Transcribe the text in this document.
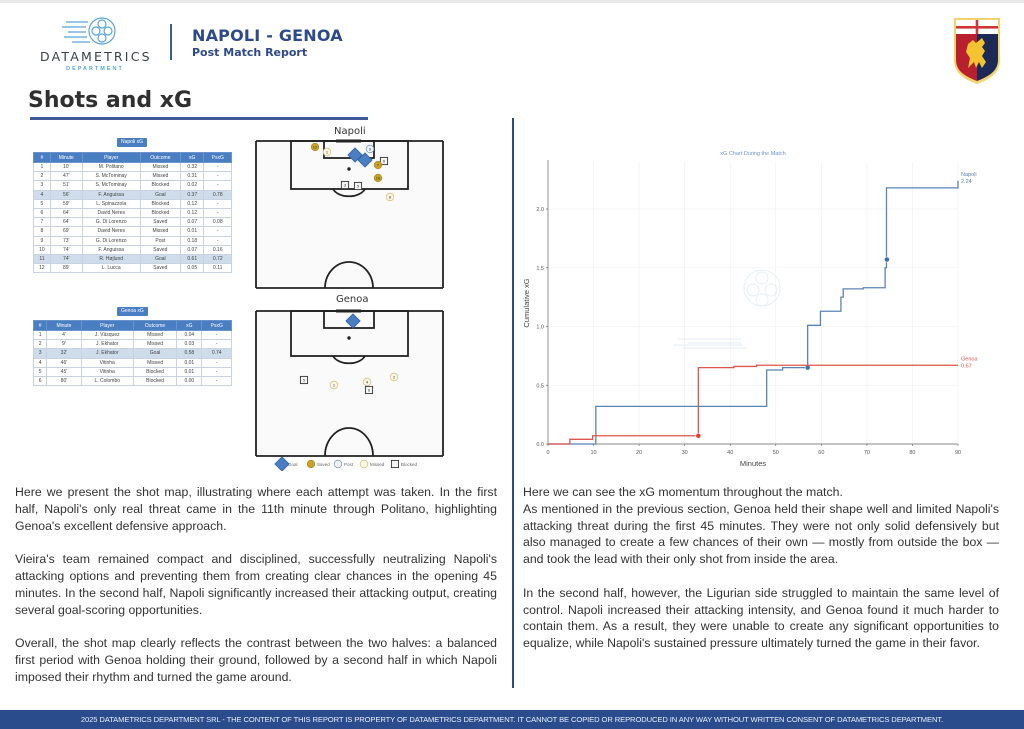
DATAMETRICS
DEPARTMENT
NAPOLI - GENOA
Post Match Report
Shots and xG
Napoli xG
#	Minute	Player	Outcome	xG	PsxG
1	10'	M. Politano	Missed	0.32	-
2	47'	S. McTominay	Missed	0.31	-
3	51'	S. McTominay	Blocked	0.02	-
4	56'	F. Anguissa	Goal	0.37	0.78
5	59'	L. Spinazzola	Blocked	0.12	-
6	64'	David Neres	Blocked	0.12	-
7	64'	G. Di Lorenzo	Saved	0.07	0.08
8	69'	David Neres	Missed	0.01	-
9	73'	G. Di Lorenzo	Post	0.18	-
10	74'	F. Anguissa	Saved	0.07	0.16
11	74'	R. Højlund	Goal	0.61	0.72
12	89'	L. Lucca	Saved	0.05	0.11
Genoa xG
#	Minute	Player	Outcome	xG	PsxG
1	4'	J. Vásquez	Missed	0.04	-
2	9'	J. Ekhator	Missed	0.03	-
3	32'	J. Ekhator	Goal	0.58	0.74
4	46'	Vitinha	Missed	0.01	-
5	45'	Vitinha	Blocked	0.01	-
6	80'	L. Colombo	Blocked	0.00	-
Napoli
Genoa
1
3	5
6
7
8
9
10
12
1
2
4
5
6
Goal	Saved	Post	Missed	Blocked

Here we present the shot map, illustrating where each attempt was taken. In the first half, Napoli's only real threat came in the 11th minute through Politano, highlighting Genoa's excellent defensive approach.

Vieira's team remained compact and disciplined, successfully neutralizing Napoli's attacking options and preventing them from creating clear chances in the opening 45 minutes. In the second half, Napoli significantly increased their attacking output, creating several goal-scoring opportunities.

Overall, the shot map clearly reflects the contrast between the two halves: a balanced first period with Genoa holding their ground, followed by a second half in which Napoli imposed their rhythm and turned the game around.

xG Chart During the Match
0	10	20	30	40	50	60	70	80	90
0.0
0.5
1.0
1.5
2.0
Minutes
Cumulative xG
Napoli
2.24
Genoa
0.67

Here we can see the xG momentum throughout the match.

As mentioned in the previous section, Genoa held their shape well and limited Napoli's attacking threat during the first 45 minutes. They were not only solid defensively but also managed to create a few chances of their own — mostly from outside the box — and took the lead with their only shot from inside the area.

In the second half, however, the Ligurian side struggled to maintain the same level of control. Napoli increased their attacking intensity, and Genoa found it much harder to contain them. As a result, they were unable to create any significant opportunities to equalize, while Napoli's sustained pressure ultimately turned the game in their favor.

2025 DATAMETRICS DEPARTMENT SRL - THE CONTENT OF THIS REPORT IS PROPERTY OF DATAMETRICS DEPARTMENT. IT CANNOT BE COPIED OR REPRODUCED IN ANY WAY WITHOUT WRITTEN CONSENT OF DATAMETRICS DEPARTMENT.
